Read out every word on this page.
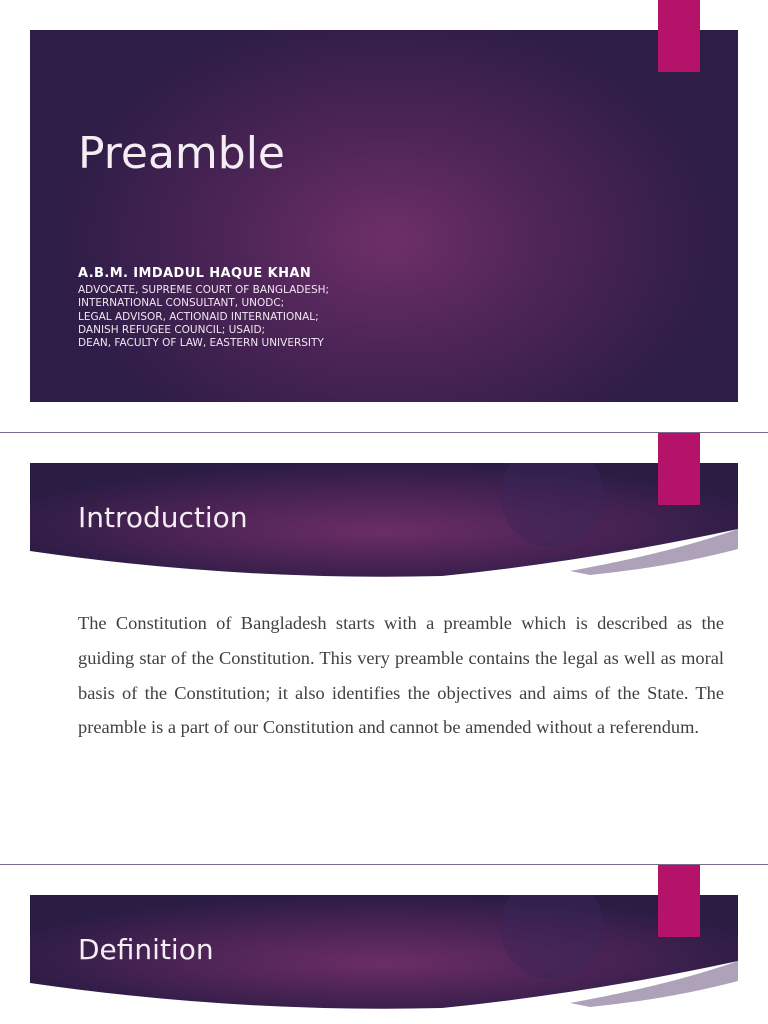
Preamble
A.B.M. IMDADUL HAQUE KHAN
ADVOCATE, SUPREME COURT OF BANGLADESH;
INTERNATIONAL CONSULTANT, UNODC;
LEGAL ADVISOR, ACTIONAID INTERNATIONAL;
DANISH REFUGEE COUNCIL; USAID;
DEAN, FACULTY OF LAW, EASTERN UNIVERSITY
Introduction
The Constitution of Bangladesh starts with a preamble which is described as the guiding star of the Constitution. This very preamble contains the legal as well as moral basis of the Constitution; it also identifies the objectives and aims of the State. The preamble is a part of our Constitution and cannot be amended without a referendum.
Definition
